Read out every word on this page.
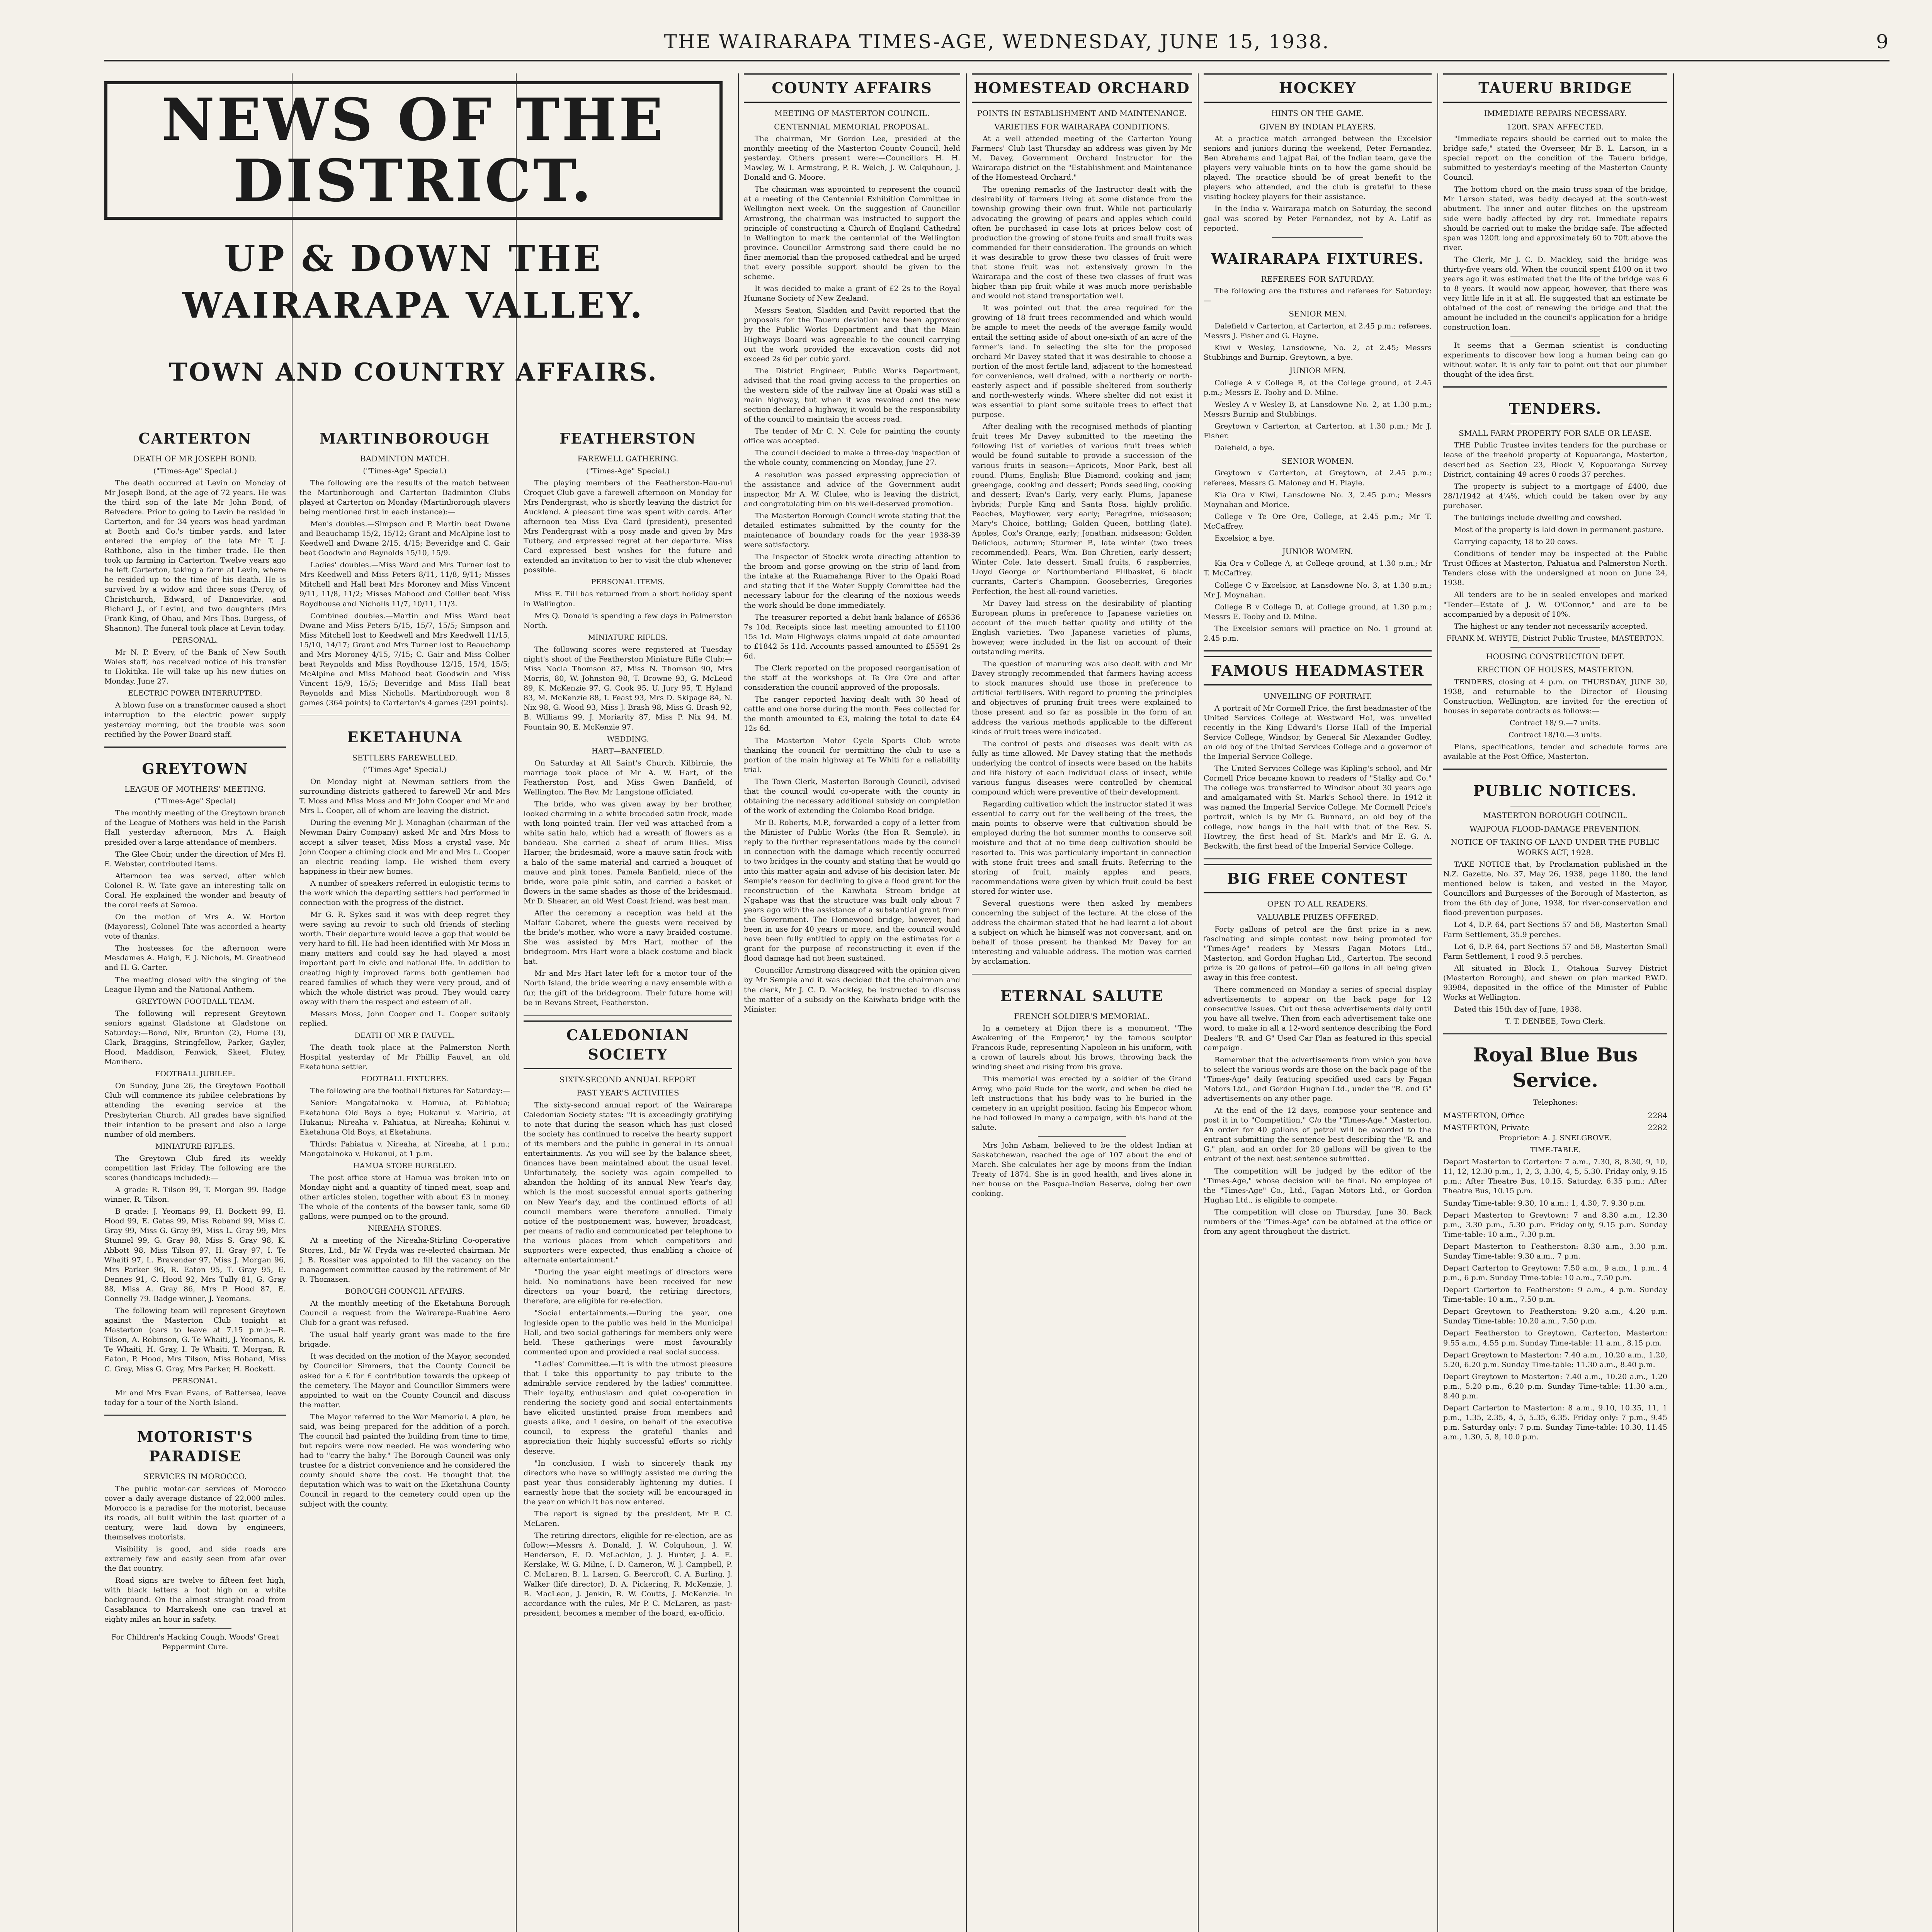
THE WAIRARAPA TIMES-AGE, WEDNESDAY, JUNE 15, 1938.	9
NEWS OF THE DISTRICT.
UP & DOWN THE WAIRARAPA VALLEY.
TOWN AND COUNTRY AFFAIRS.
CARTERTON
DEATH OF MR JOSEPH BOND.

("Times-Age" Special.)

The death occurred at Levin on Monday of Mr Joseph Bond, at the age of 72 years. He was the third son of the late Mr John Bond, of Belvedere. Prior to going to Levin he resided in Carterton, and for 34 years was head yardman at Booth and Co.'s timber yards, and later entered the employ of the late Mr T. J. Rathbone, also in the timber trade. He then took up farming in Carterton. Twelve years ago he left Carterton, taking a farm at Levin, where he resided up to the time of his death. He is survived by a widow and three sons (Percy, of Christchurch, Edward, of Dannevirke, and Richard J., of Levin), and two daughters (Mrs Frank King, of Ohau, and Mrs Thos. Burgess, of Shannon). The funeral took place at Levin today.

PERSONAL.

Mr N. P. Every, of the Bank of New South Wales staff, has received notice of his transfer to Hokitika. He will take up his new duties on Monday, June 27.

ELECTRIC POWER INTERRUPTED.

A blown fuse on a transformer caused a short interruption to the electric power supply yesterday morning, but the trouble was soon rectified by the Power Board staff.

GREYTOWN
LEAGUE OF MOTHERS' MEETING.

("Times-Age" Special)

The monthly meeting of the Greytown branch of the League of Mothers was held in the Parish Hall yesterday afternoon, Mrs A. Haigh presided over a large attendance of members.

The Glee Choir, under the direction of Mrs H. E. Webster, contributed items.

Afternoon tea was served, after which Colonel R. W. Tate gave an interesting talk on Coral. He explained the wonder and beauty of the coral reefs at Samoa.

On the motion of Mrs A. W. Horton (Mayoress), Colonel Tate was accorded a hearty vote of thanks.

The hostesses for the afternoon were Mesdames A. Haigh, F. J. Nichols, M. Greathead and H. G. Carter.

The meeting closed with the singing of the League Hymn and the National Anthem.

GREYTOWN FOOTBALL TEAM.

The following will represent Greytown seniors against Gladstone at Gladstone on Saturday:—Bond, Nix, Brunton (2), Hume (3), Clark, Braggins, Stringfellow, Parker, Gayler, Hood, Maddison, Fenwick, Skeet, Flutey, Manihera.

FOOTBALL JUBILEE.

On Sunday, June 26, the Greytown Football Club will commence its jubilee celebrations by attending the evening service at the Presbyterian Church. All grades have signified their intention to be present and also a large number of old members.

MINIATURE RIFLES.

The Greytown Club fired its weekly competition last Friday. The following are the scores (handicaps included):—

A grade: R. Tilson 99, T. Morgan 99. Badge winner, R. Tilson.

B grade: J. Yeomans 99, H. Bockett 99, H. Hood 99, E. Gates 99, Miss Roband 99, Miss C. Gray 99, Miss G. Gray 99, Miss L. Gray 99, Mrs Stunnel 99, G. Gray 98, Miss S. Gray 98, K. Abbott 98, Miss Tilson 97, H. Gray 97, I. Te Whaiti 97, L. Bravender 97, Miss J. Morgan 96, Mrs Parker 96, R. Eaton 95, T. Gray 95, E. Dennes 91, C. Hood 92, Mrs Tully 81, G. Gray 88, Miss A. Gray 86, Mrs P. Hood 87, E. Connelly 79. Badge winner, J. Yeomans.

The following team will represent Greytown against the Masterton Club tonight at Masterton (cars to leave at 7.15 p.m.):—R. Tilson, A. Robinson, G. Te Whaiti, J. Yeomans, R. Te Whaiti, H. Gray, I. Te Whaiti, T. Morgan, R. Eaton, P. Hood, Mrs Tilson, Miss Roband, Miss C. Gray, Miss G. Gray, Mrs Parker, H. Bockett.

PERSONAL.

Mr and Mrs Evan Evans, of Battersea, leave today for a tour of the North Island.

MOTORIST'S PARADISE
SERVICES IN MOROCCO.

The public motor-car services of Morocco cover a daily average distance of 22,000 miles. Morocco is a paradise for the motorist, because its roads, all built within the last quarter of a century, were laid down by engineers, themselves motorists.

Visibility is good, and side roads are extremely few and easily seen from afar over the flat country.

Road signs are twelve to fifteen feet high, with black letters a foot high on a white background. On the almost straight road from Casablanca to Marrakesh one can travel at eighty miles an hour in safety.

For Children's Hacking Cough, Woods' Great Peppermint Cure.

MARTINBOROUGH
BADMINTON MATCH.

("Times-Age" Special.)

The following are the results of the match between the Martinborough and Carterton Badminton Clubs played at Carterton on Monday (Martinborough players being mentioned first in each instance):—

Men's doubles.—Simpson and P. Martin beat Dwane and Beauchamp 15/2, 15/12; Grant and McAlpine lost to Keedwell and Dwane 2/15, 4/15; Beveridge and C. Gair beat Goodwin and Reynolds 15/10, 15/9.

Ladies' doubles.—Miss Ward and Mrs Turner lost to Mrs Keedwell and Miss Peters 8/11, 11/8, 9/11; Misses Mitchell and Hall beat Mrs Moroney and Miss Vincent 9/11, 11/8, 11/2; Misses Mahood and Collier beat Miss Roydhouse and Nicholls 11/7, 10/11, 11/3.

Combined doubles.—Martin and Miss Ward beat Dwane and Miss Peters 5/15, 15/7, 15/5; Simpson and Miss Mitchell lost to Keedwell and Mrs Keedwell 11/15, 15/10, 14/17; Grant and Mrs Turner lost to Beauchamp and Mrs Moroney 4/15, 7/15; C. Gair and Miss Collier beat Reynolds and Miss Roydhouse 12/15, 15/4, 15/5; McAlpine and Miss Mahood beat Goodwin and Miss Vincent 15/9, 15/5; Beveridge and Miss Hall beat Reynolds and Miss Nicholls. Martinborough won 8 games (364 points) to Carterton's 4 games (291 points).

EKETAHUNA
SETTLERS FAREWELLED.

("Times-Age" Special.)

On Monday night at Newman settlers from the surrounding districts gathered to farewell Mr and Mrs T. Moss and Miss Moss and Mr John Cooper and Mr and Mrs L. Cooper, all of whom are leaving the district.

During the evening Mr J. Monaghan (chairman of the Newman Dairy Company) asked Mr and Mrs Moss to accept a silver teaset, Miss Moss a crystal vase, Mr John Cooper a chiming clock and Mr and Mrs L. Cooper an electric reading lamp. He wished them every happiness in their new homes.

A number of speakers referred in eulogistic terms to the work which the departing settlers had performed in connection with the progress of the district.

Mr G. R. Sykes said it was with deep regret they were saying au revoir to such old friends of sterling worth. Their departure would leave a gap that would be very hard to fill. He had been identified with Mr Moss in many matters and could say he had played a most important part in civic and national life. In addition to creating highly improved farms both gentlemen had reared families of which they were very proud, and of which the whole district was proud. They would carry away with them the respect and esteem of all.

Messrs Moss, John Cooper and L. Cooper suitably replied.

DEATH OF MR P. FAUVEL.

The death took place at the Palmerston North Hospital yesterday of Mr Phillip Fauvel, an old Eketahuna settler.

FOOTBALL FIXTURES.

The following are the football fixtures for Saturday:—

Senior: Mangatainoka v. Hamua, at Pahiatua; Eketahuna Old Boys a bye; Hukanui v. Mariria, at Hukanui; Nireaha v. Pahiatua, at Nireaha; Kohinui v. Eketahuna Old Boys, at Eketahuna.

Thirds: Pahiatua v. Nireaha, at Nireaha, at 1 p.m.; Mangatainoka v. Hukanui, at 1 p.m.

HAMUA STORE BURGLED.

The post office store at Hamua was broken into on Monday night and a quantity of tinned meat, soap and other articles stolen, together with about £3 in money. The whole of the contents of the bowser tank, some 60 gallons, were pumped on to the ground.

NIREAHA STORES.

At a meeting of the Nireaha-Stirling Co-operative Stores, Ltd., Mr W. Fryda was re-elected chairman. Mr J. B. Rossiter was appointed to fill the vacancy on the management committee caused by the retirement of Mr R. Thomasen.

BOROUGH COUNCIL AFFAIRS.

At the monthly meeting of the Eketahuna Borough Council a request from the Wairarapa-Ruahine Aero Club for a grant was refused.

The usual half yearly grant was made to the fire brigade.

It was decided on the motion of the Mayor, seconded by Councillor Simmers, that the County Council be asked for a £ for £ contribution towards the upkeep of the cemetery. The Mayor and Councillor Simmers were appointed to wait on the County Council and discuss the matter.

The Mayor referred to the War Memorial. A plan, he said, was being prepared for the addition of a porch. The council had painted the building from time to time, but repairs were now needed. He was wondering who had to "carry the baby." The Borough Council was only trustee for a district convenience and he considered the county should share the cost. He thought that the deputation which was to wait on the Eketahuna County Council in regard to the cemetery could open up the subject with the county.

FEATHERSTON
FAREWELL GATHERING.

("Times-Age" Special.)

The playing members of the Featherston-Hau-nui Croquet Club gave a farewell afternoon on Monday for Mrs Pendergrast, who is shortly leaving the district for Auckland. A pleasant time was spent with cards. After afternoon tea Miss Eva Card (president), presented Mrs Pendergrast with a posy made and given by Mrs Tutbery, and expressed regret at her departure. Miss Card expressed best wishes for the future and extended an invitation to her to visit the club whenever possible.

PERSONAL ITEMS.

Miss E. Till has returned from a short holiday spent in Wellington.

Mrs Q. Donald is spending a few days in Palmerston North.

MINIATURE RIFLES.

The following scores were registered at Tuesday night's shoot of the Featherston Miniature Rifle Club:—Miss Nocla Thomson 87, Miss N. Thomson 90, Mrs Morris, 80, W. Johnston 98, T. Browne 93, G. McLeod 89, K. McKenzie 97, G. Cook 95, U. Jury 95, T. Hyland 83, M. McKenzie 88, I. Feast 93, Mrs D. Skipage 84, N. Nix 98, G. Wood 93, Miss J. Brash 98, Miss G. Brash 92, B. Williams 99, J. Moriarity 87, Miss P. Nix 94, M. Fountain 90, E. McKenzie 97.

WEDDING.

HART—BANFIELD.

On Saturday at All Saint's Church, Kilbirnie, the marriage took place of Mr A. W. Hart, of the Featherston Post, and Miss Gwen Banfield, of Wellington. The Rev. Mr Langstone officiated.

The bride, who was given away by her brother, looked charming in a white brocaded satin frock, made with long pointed train. Her veil was attached from a white satin halo, which had a wreath of flowers as a bandeau. She carried a sheaf of arum lilies. Miss Harper, the bridesmaid, wore a mauve satin frock with a halo of the same material and carried a bouquet of mauve and pink tones. Pamela Banfield, niece of the bride, wore pale pink satin, and carried a basket of flowers in the same shades as those of the bridesmaid. Mr D. Shearer, an old West Coast friend, was best man.

After the ceremony a reception was held at the Malfair Cabaret, where the guests were received by the bride's mother, who wore a navy braided costume. She was assisted by Mrs Hart, mother of the bridegroom. Mrs Hart wore a black costume and black hat.

Mr and Mrs Hart later left for a motor tour of the North Island, the bride wearing a navy ensemble with a fur, the gift of the bridegroom. Their future home will be in Revans Street, Featherston.

CALEDONIAN SOCIETY
SIXTY-SECOND ANNUAL REPORT
PAST YEAR'S ACTIVITIES

The sixty-second annual report of the Wairarapa Caledonian Society states: "It is exceedingly gratifying to note that during the season which has just closed the society has continued to receive the hearty support of its members and the public in general in its annual entertainments. As you will see by the balance sheet, finances have been maintained about the usual level. Unfortunately, the society was again compelled to abandon the holding of its annual New Year's day, which is the most successful annual sports gathering on New Year's day, and the continued efforts of all council members were therefore annulled. Timely notice of the postponement was, however, broadcast, per means of radio and communicated per telephone to the various places from which competitors and supporters were expected, thus enabling a choice of alternate entertainment."

"During the year eight meetings of directors were held. No nominations have been received for new directors on your board, the retiring directors, therefore, are eligible for re-election.

"Social entertainments.—During the year, one Ingleside open to the public was held in the Municipal Hall, and two social gatherings for members only were held. These gatherings were most favourably commented upon and provided a real social success.

"Ladies' Committee.—It is with the utmost pleasure that I take this opportunity to pay tribute to the admirable service rendered by the ladies' committee. Their loyalty, enthusiasm and quiet co-operation in rendering the society good and social entertainments have elicited unstinted praise from members and guests alike, and I desire, on behalf of the executive council, to express the grateful thanks and appreciation their highly successful efforts so richly deserve.

"In conclusion, I wish to sincerely thank my directors who have so willingly assisted me during the past year thus considerably lightening my duties. I earnestly hope that the society will be encouraged in the year on which it has now entered.

The report is signed by the president, Mr P. C. McLaren.

The retiring directors, eligible for re-election, are as follow:—Messrs A. Donald, J. W. Colquhoun, J. W. Henderson, E. D. McLachlan, J. J. Hunter, J. A. E. Kerslake, W. G. Milne, I. D. Cameron, W. J. Campbell, P. C. McLaren, B. L. Larsen, G. Beercroft, C. A. Burling, J. Walker (life director), D. A. Pickering, R. McKenzie, J. B. MacLean, J. Jenkin, R. W. Coutts, J. McKenzie. In accordance with the rules, Mr P. C. McLaren, as past-president, becomes a member of the board, ex-officio.

COUNTY AFFAIRS
MEETING OF MASTERTON COUNCIL.
CENTENNIAL MEMORIAL PROPOSAL.

The chairman, Mr Gordon Lee, presided at the monthly meeting of the Masterton County Council, held yesterday. Others present were:—Councillors H. H. Mawley, W. I. Armstrong, P. R. Welch, J. W. Colquhoun, J. Donald and G. Moore.

The chairman was appointed to represent the council at a meeting of the Centennial Exhibition Committee in Wellington next week. On the suggestion of Councillor Armstrong, the chairman was instructed to support the principle of constructing a Church of England Cathedral in Wellington to mark the centennial of the Wellington province. Councillor Armstrong said there could be no finer memorial than the proposed cathedral and he urged that every possible support should be given to the scheme.

It was decided to make a grant of £2 2s to the Royal Humane Society of New Zealand.

Messrs Seaton, Sladden and Pavitt reported that the proposals for the Taueru deviation have been approved by the Public Works Department and that the Main Highways Board was agreeable to the council carrying out the work provided the excavation costs did not exceed 2s 6d per cubic yard.

The District Engineer, Public Works Department, advised that the road giving access to the properties on the western side of the railway line at Opaki was still a main highway, but when it was revoked and the new section declared a highway, it would be the responsibility of the council to maintain the access road.

The tender of Mr C. N. Cole for painting the county office was accepted.

The council decided to make a three-day inspection of the whole county, commencing on Monday, June 27.

A resolution was passed expressing appreciation of the assistance and advice of the Government audit inspector, Mr A. W. Clulee, who is leaving the district, and congratulating him on his well-deserved promotion.

The Masterton Borough Council wrote stating that the detailed estimates submitted by the county for the maintenance of boundary roads for the year 1938-39 were satisfactory.

The Inspector of Stockk wrote directing attention to the broom and gorse growing on the strip of land from the intake at the Ruamahanga River to the Opaki Road and stating that if the Water Supply Committee had the necessary labour for the clearing of the noxious weeds the work should be done immediately.

The treasurer reported a debit bank balance of £6536 7s 10d. Receipts since last meeting amounted to £1100 15s 1d. Main Highways claims unpaid at date amounted to £1842 5s 11d. Accounts passed amounted to £5591 2s 6d.

The Clerk reported on the proposed reorganisation of the staff at the workshops at Te Ore Ore and after consideration the council approved of the proposals.

The ranger reported having dealt with 30 head of cattle and one horse during the month. Fees collected for the month amounted to £3, making the total to date £4 12s 6d.

The Masterton Motor Cycle Sports Club wrote thanking the council for permitting the club to use a portion of the main highway at Te Whiti for a reliability trial.

The Town Clerk, Masterton Borough Council, advised that the council would co-operate with the county in obtaining the necessary additional subsidy on completion of the work of extending the Colombo Road bridge.

Mr B. Roberts, M.P., forwarded a copy of a letter from the Minister of Public Works (the Hon R. Semple), in reply to the further representations made by the council in connection with the damage which recently occurred to two bridges in the county and stating that he would go into this matter again and advise of his decision later. Mr Semple's reason for declining to give a flood grant for the reconstruction of the Kaiwhata Stream bridge at Ngahape was that the structure was built only about 7 years ago with the assistance of a substantial grant from the Government. The Homewood bridge, however, had been in use for 40 years or more, and the council would have been fully entitled to apply on the estimates for a grant for the purpose of reconstructing it even if the flood damage had not been sustained.

Councillor Armstrong disagreed with the opinion given by Mr Semple and it was decided that the chairman and the clerk, Mr J. C. D. Mackley, be instructed to discuss the matter of a subsidy on the Kaiwhata bridge with the Minister.

HOMESTEAD ORCHARD
POINTS IN ESTABLISHMENT AND MAINTENANCE.
VARIETIES FOR WAIRARAPA CONDITIONS.

At a well attended meeting of the Carterton Young Farmers' Club last Thursday an address was given by Mr M. Davey, Government Orchard Instructor for the Wairarapa district on the "Establishment and Maintenance of the Homestead Orchard."

The opening remarks of the Instructor dealt with the desirability of farmers living at some distance from the township growing their own fruit. While not particularly advocating the growing of pears and apples which could often be purchased in case lots at prices below cost of production the growing of stone fruits and small fruits was commended for their consideration. The grounds on which it was desirable to grow these two classes of fruit were that stone fruit was not extensively grown in the Wairarapa and the cost of these two classes of fruit was higher than pip fruit while it was much more perishable and would not stand transportation well.

It was pointed out that the area required for the growing of 18 fruit trees recommended and which would be ample to meet the needs of the average family would entail the setting aside of about one-sixth of an acre of the farmer's land. In selecting the site for the proposed orchard Mr Davey stated that it was desirable to choose a portion of the most fertile land, adjacent to the homestead for convenience, well drained, with a northerly or north-easterly aspect and if possible sheltered from southerly and north-westerly winds. Where shelter did not exist it was essential to plant some suitable trees to effect that purpose.

After dealing with the recognised methods of planting fruit trees Mr Davey submitted to the meeting the following list of varieties of various fruit trees which would be found suitable to provide a succession of the various fruits in season:—Apricots, Moor Park, best all round. Plums, English; Blue Diamond, cooking and jam; greengage, cooking and dessert; Ponds seedling, cooking and dessert; Evan's Early, very early. Plums, Japanese hybrids; Purple King and Santa Rosa, highly prolific. Peaches, Mayflower, very early; Peregrine, midseason; Mary's Choice, bottling; Golden Queen, bottling (late). Apples, Cox's Orange, early; Jonathan, midseason; Golden Delicious, autumn; Sturmer P., late winter (two trees recommended). Pears, Wm. Bon Chretien, early dessert; Winter Cole, late dessert. Small fruits, 6 raspberries, Lloyd George or Northumberland Fillbasket, 6 black currants, Carter's Champion. Gooseberries, Gregories Perfection, the best all-round varieties.

Mr Davey laid stress on the desirability of planting European plums in preference to Japanese varieties on account of the much better quality and utility of the English varieties. Two Japanese varieties of plums, however, were included in the list on account of their outstanding merits.

The question of manuring was also dealt with and Mr Davey strongly recommended that farmers having access to stock manures should use those in preference to artificial fertilisers. With regard to pruning the principles and objectives of pruning fruit trees were explained to those present and so far as possible in the form of an address the various methods applicable to the different kinds of fruit trees were indicated.

The control of pests and diseases was dealt with as fully as time allowed. Mr Davey stating that the methods underlying the control of insects were based on the habits and life history of each individual class of insect, while various fungus diseases were controlled by chemical compound which were preventive of their development.

Regarding cultivation which the instructor stated it was essential to carry out for the wellbeing of the trees, the main points to observe were that cultivation should be employed during the hot summer months to conserve soil moisture and that at no time deep cultivation should be resorted to. This was particularly important in connection with stone fruit trees and small fruits. Referring to the storing of fruit, mainly apples and pears, recommendations were given by which fruit could be best stored for winter use.

Several questions were then asked by members concerning the subject of the lecture. At the close of the address the chairman stated that he had learnt a lot about a subject on which he himself was not conversant, and on behalf of those present he thanked Mr Davey for an interesting and valuable address. The motion was carried by acclamation.

ETERNAL SALUTE
FRENCH SOLDIER'S MEMORIAL.

In a cemetery at Dijon there is a monument, "The Awakening of the Emperor," by the famous sculptor Francois Rude, representing Napoleon in his uniform, with a crown of laurels about his brows, throwing back the winding sheet and rising from his grave.

This memorial was erected by a soldier of the Grand Army, who paid Rude for the work, and when he died he left instructions that his body was to be buried in the cemetery in an upright position, facing his Emperor whom he had followed in many a campaign, with his hand at the salute.

Mrs John Asham, believed to be the oldest Indian at Saskatchewan, reached the age of 107 about the end of March. She calculates her age by moons from the Indian Treaty of 1874. She is in good health, and lives alone in her house on the Pasqua-Indian Reserve, doing her own cooking.

HOCKEY
HINTS ON THE GAME.
GIVEN BY INDIAN PLAYERS.

At a practice match arranged between the Excelsior seniors and juniors during the weekend, Peter Fernandez, Ben Abrahams and Lajpat Rai, of the Indian team, gave the players very valuable hints on to how the game should be played. The practice should be of great benefit to the players who attended, and the club is grateful to these visiting hockey players for their assistance.

In the India v. Wairarapa match on Saturday, the second goal was scored by Peter Fernandez, not by A. Latif as reported.

WAIRARAPA FIXTURES.
REFEREES FOR SATURDAY.

The following are the fixtures and referees for Saturday:—

SENIOR MEN.

Dalefield v Carterton, at Carterton, at 2.45 p.m.; referees, Messrs J. Fisher and G. Hayne.

Kiwi v Wesley, Lansdowne, No. 2, at 2.45; Messrs Stubbings and Burnip. Greytown, a bye.

JUNIOR MEN.

College A v College B, at the College ground, at 2.45 p.m.; Messrs E. Tooby and D. Milne.

Wesley A v Wesley B, at Lansdowne No. 2, at 1.30 p.m.; Messrs Burnip and Stubbings.

Greytown v Carterton, at Carterton, at 1.30 p.m.; Mr J. Fisher.

Dalefield, a bye.

SENIOR WOMEN.

Greytown v Carterton, at Greytown, at 2.45 p.m.; referees, Messrs G. Maloney and H. Playle.

Kia Ora v Kiwi, Lansdowne No. 3, 2.45 p.m.; Messrs Moynahan and Morice.

College v Te Ore Ore, College, at 2.45 p.m.; Mr T. McCaffrey.

Excelsior, a bye.

JUNIOR WOMEN.

Kia Ora v College A, at College ground, at 1.30 p.m.; Mr T. McCaffrey.

College C v Excelsior, at Lansdowne No. 3, at 1.30 p.m.; Mr J. Moynahan.

College B v College D, at College ground, at 1.30 p.m.; Messrs E. Tooby and D. Milne.

The Excelsior seniors will practice on No. 1 ground at 2.45 p.m.

FAMOUS HEADMASTER
UNVEILING OF PORTRAIT.

A portrait of Mr Cormell Price, the first headmaster of the United Services College at Westward Ho!, was unveiled recently in the King Edward's Horse Hall of the Imperial Service College, Windsor, by General Sir Alexander Godley, an old boy of the United Services College and a governor of the Imperial Service College.

The United Services College was Kipling's school, and Mr Cormell Price became known to readers of "Stalky and Co." The college was transferred to Windsor about 30 years ago and amalgamated with St. Mark's School there. In 1912 it was named the Imperial Service College. Mr Cormell Price's portrait, which is by Mr G. Bunnard, an old boy of the college, now hangs in the hall with that of the Rev. S. Howtrey, the first head of St. Mark's and Mr E. G. A. Beckwith, the first head of the Imperial Service College.

BIG FREE CONTEST
OPEN TO ALL READERS.
VALUABLE PRIZES OFFERED.

Forty gallons of petrol are the first prize in a new, fascinating and simple contest now being promoted for "Times-Age" readers by Messrs Fagan Motors Ltd., Masterton, and Gordon Hughan Ltd., Carterton. The second prize is 20 gallons of petrol—60 gallons in all being given away in this free contest.

There commenced on Monday a series of special display advertisements to appear on the back page for 12 consecutive issues. Cut out these advertisements daily until you have all twelve. Then from each advertisement take one word, to make in all a 12-word sentence describing the Ford Dealers "R. and G" Used Car Plan as featured in this special campaign.

Remember that the advertisements from which you have to select the various words are those on the back page of the "Times-Age" daily featuring specified used cars by Fagan Motors Ltd., and Gordon Hughan Ltd., under the "R. and G" advertisements on any other page.

At the end of the 12 days, compose your sentence and post it in to "Competition," C/o the "Times-Age." Masterton. An order for 40 gallons of petrol will be awarded to the entrant submitting the sentence best describing the "R. and G." plan, and an order for 20 gallons will be given to the entrant of the next best sentence submitted.

The competition will be judged by the editor of the "Times-Age," whose decision will be final. No employee of the "Times-Age" Co., Ltd., Fagan Motors Ltd., or Gordon Hughan Ltd., is eligible to compete.

The competition will close on Thursday, June 30. Back numbers of the "Times-Age" can be obtained at the office or from any agent throughout the district.

TAUERU BRIDGE
IMMEDIATE REPAIRS NECESSARY.
120ft. SPAN AFFECTED.

"Immediate repairs should be carried out to make the bridge safe," stated the Overseer, Mr B. L. Larson, in a special report on the condition of the Taueru bridge, submitted to yesterday's meeting of the Masterton County Council.

The bottom chord on the main truss span of the bridge, Mr Larson stated, was badly decayed at the south-west abutment. The inner and outer flitches on the upstream side were badly affected by dry rot. Immediate repairs should be carried out to make the bridge safe. The affected span was 120ft long and approximately 60 to 70ft above the river.

The Clerk, Mr J. C. D. Mackley, said the bridge was thirty-five years old. When the council spent £100 on it two years ago it was estimated that the life of the bridge was 6 to 8 years. It would now appear, however, that there was very little life in it at all. He suggested that an estimate be obtained of the cost of renewing the bridge and that the amount be included in the council's application for a bridge construction loan.

It seems that a German scientist is conducting experiments to discover how long a human being can go without water. It is only fair to point out that our plumber thought of the idea first.

TENDERS.
SMALL FARM PROPERTY FOR SALE OR LEASE.

THE Public Trustee invites tenders for the purchase or lease of the freehold property at Kopuaranga, Masterton, described as Section 23, Block V, Kopuaranga Survey District, containing 49 acres 0 roods 37 perches.

The property is subject to a mortgage of £400, due 28/1/1942 at 4¼%, which could be taken over by any purchaser.

The buildings include dwelling and cowshed.

Most of the property is laid down in permanent pasture.

Carrying capacity, 18 to 20 cows.

Conditions of tender may be inspected at the Public Trust Offices at Masterton, Pahiatua and Palmerston North. Tenders close with the undersigned at noon on June 24, 1938.

All tenders are to be in sealed envelopes and marked "Tender—Estate of J. W. O'Connor," and are to be accompanied by a deposit of 10%.

The highest or any tender not necessarily accepted.

FRANK M. WHYTE, District Public Trustee, MASTERTON.

HOUSING CONSTRUCTION DEPT.
ERECTION OF HOUSES, MASTERTON.

TENDERS, closing at 4 p.m. on THURSDAY, JUNE 30, 1938, and returnable to the Director of Housing Construction, Wellington, are invited for the erection of houses in separate contracts as follows:—

Contract 18/ 9.—7 units.

Contract 18/10.—3 units.

Plans, specifications, tender and schedule forms are available at the Post Office, Masterton.

PUBLIC NOTICES.
MASTERTON BOROUGH COUNCIL.
WAIPOUA FLOOD-DAMAGE PREVENTION.
NOTICE OF TAKING OF LAND UNDER THE PUBLIC WORKS ACT, 1928.

TAKE NOTICE that, by Proclamation published in the N.Z. Gazette, No. 37, May 26, 1938, page 1180, the land mentioned below is taken, and vested in the Mayor, Councillors and Burgesses of the Borough of Masterton, as from the 6th day of June, 1938, for river-conservation and flood-prevention purposes.

Lot 4, D.P. 64, part Sections 57 and 58, Masterton Small Farm Settlement, 35.9 perches.

Lot 6, D.P. 64, part Sections 57 and 58, Masterton Small Farm Settlement, 1 rood 9.5 perches.

All situated in Block I., Otahoua Survey District (Masterton Borough), and shewn on plan marked P.W.D. 93984, deposited in the office of the Minister of Public Works at Wellington.

Dated this 15th day of June, 1938.

T. T. DENBEE, Town Clerk.

Royal Blue Bus Service.

Telephones:

MASTERTON, Office	2284
MASTERTON, Private	2282

Proprietor: A. J. SNELGROVE.

TIME-TABLE.

Depart Masterton to Carterton: 7 a.m., 7.30, 8, 8.30, 9, 10, 11, 12, 12.30 p.m., 1, 2, 3, 3.30, 4, 5, 5.30. Friday only, 9.15 p.m.; After Theatre Bus, 10.15. Saturday, 6.35 p.m.; After Theatre Bus, 10.15 p.m.

Sunday Time-table: 9.30, 10 a.m.; 1, 4.30, 7, 9.30 p.m.

Depart Masterton to Greytown: 7 and 8.30 a.m., 12.30 p.m., 3.30 p.m., 5.30 p.m. Friday only, 9.15 p.m. Sunday Time-table: 10 a.m., 7.30 p.m.

Depart Masterton to Featherston: 8.30 a.m., 3.30 p.m. Sunday Time-table: 9.30 a.m., 7 p.m.

Depart Carterton to Greytown: 7.50 a.m., 9 a.m., 1 p.m., 4 p.m., 6 p.m. Sunday Time-table: 10 a.m., 7.50 p.m.

Depart Carterton to Featherston: 9 a.m., 4 p.m. Sunday Time-table: 10 a.m., 7.50 p.m.

Depart Greytown to Featherston: 9.20 a.m., 4.20 p.m. Sunday Time-table: 10.20 a.m., 7.50 p.m.

Depart Featherston to Greytown, Carterton, Masterton: 9.55 a.m., 4.55 p.m. Sunday Time-table: 11 a.m., 8.15 p.m.

Depart Greytown to Masterton: 7.40 a.m., 10.20 a.m., 1.20, 5.20, 6.20 p.m. Sunday Time-table: 11.30 a.m., 8.40 p.m.

Depart Greytown to Masterton: 7.40 a.m., 10.20 a.m., 1.20 p.m., 5.20 p.m., 6.20 p.m. Sunday Time-table: 11.30 a.m., 8.40 p.m.

Depart Carterton to Masterton: 8 a.m., 9.10, 10.35, 11, 1 p.m., 1.35, 2.35, 4, 5, 5.35, 6.35. Friday only: 7 p.m., 9.45 p.m. Saturday only: 7 p.m. Sunday Time-table: 10.30, 11.45 a.m., 1.30, 5, 8, 10.0 p.m.
